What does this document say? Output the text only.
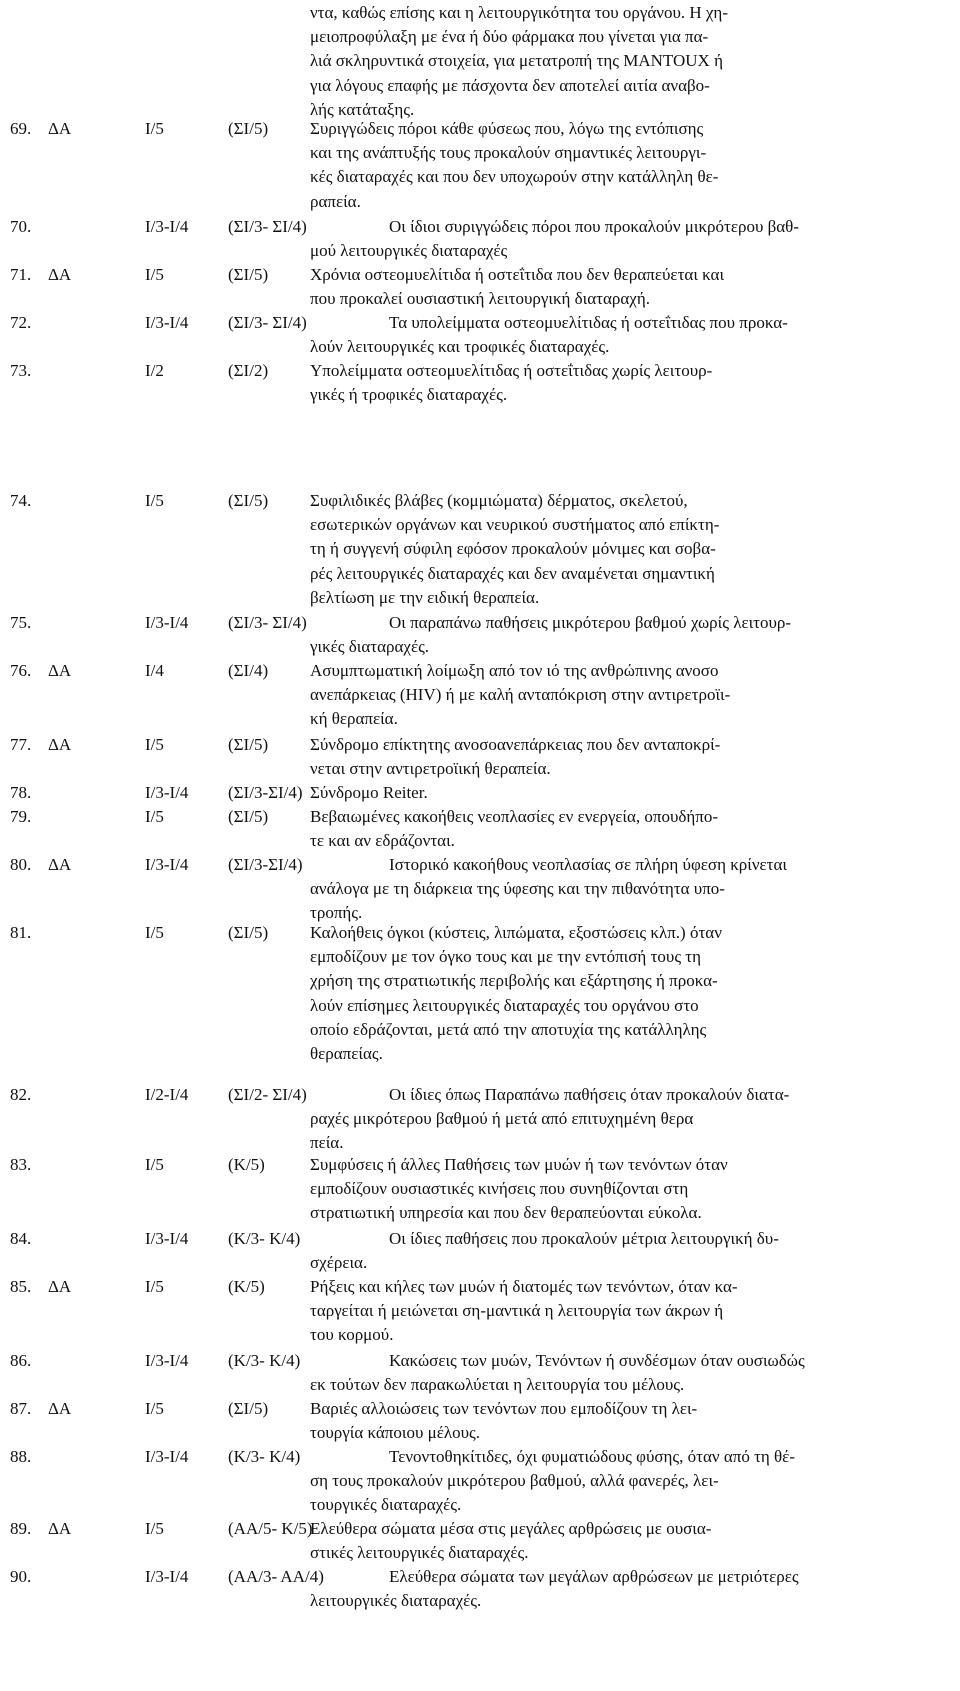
ντα, καθώς επίσης και η λειτουργικότητα του οργάνου. Η χη-
μειοπροφύλαξη με ένα ή δύο φάρμακα που γίνεται για πα-
λιά σκληρυντικά στοιχεία, για μετατροπή της MANTOUX ή
για λόγους επαφής με πάσχοντα δεν αποτελεί αιτία αναβο-
λής κατάταξης.
69. ΔΑ	Ι/5	(ΣΙ/5) Συριγγώδεις πόροι κάθε φύσεως που, λόγω της εντόπισης
και της ανάπτυξής τους προκαλούν σημαντικές λειτουργι-
κές διαταραχές και που δεν υποχωρούν στην κατάλληλη θε-
ραπεία.
70.	Ι/3-Ι/4 (ΣΙ/3- ΣΙ/4)	Οι ίδιοι συριγγώδεις πόροι που προκαλούν μικρότερου βαθ-
μού λειτουργικές διαταραχές
71. ΔΑ	Ι/5	(ΣΙ/5) Χρόνια οστεομυελίτιδα ή οστεΐτιδα που δεν θεραπεύεται και
που προκαλεί ουσιαστική λειτουργική διαταραχή.
72.	Ι/3-Ι/4 (ΣΙ/3- ΣΙ/4)	Τα υπολείμματα οστεομυελίτιδας ή οστεΐτιδας που προκα-
λούν λειτουργικές και τροφικές διαταραχές.
73.	Ι/2	(ΣΙ/2) Υπολείμματα οστεομυελίτιδας ή οστεΐτιδας χωρίς λειτουρ-
γικές ή τροφικές διαταραχές.
74.	Ι/5	(ΣΙ/5) Συφιλιδικές βλάβες (κομμιώματα) δέρματος, σκελετού,
εσωτερικών οργάνων και νευρικού συστήματος από επίκτη-
τη ή συγγενή σύφιλη εφόσον προκαλούν μόνιμες και σοβα-
ρές λειτουργικές διαταραχές και δεν αναμένεται σημαντική
βελτίωση με την ειδική θεραπεία.
75.	Ι/3-Ι/4 (ΣΙ/3- ΣΙ/4)	Οι παραπάνω παθήσεις μικρότερου βαθμού χωρίς λειτουρ-
γικές διαταραχές.
76. ΔΑ	Ι/4	(ΣΙ/4) Ασυμπτωματική λοίμωξη από τον ιό της ανθρώπινης ανοσο
ανεπάρκειας (HIV) ή με καλή ανταπόκριση στην αντιρετροϊι-
κή θεραπεία.
77. ΔΑ	Ι/5	(ΣΙ/5) Σύνδρομο επίκτητης ανοσοανεπάρκειας που δεν ανταποκρί-
νεται στην αντιρετροϊική θεραπεία.
78.	Ι/3-Ι/4 (ΣΙ/3-ΣΙ/4) Σύνδρομο Reiter.
79.	Ι/5	(ΣΙ/5) Βεβαιωμένες κακοήθεις νεοπλασίες εν ενεργεία, οπουδήπο-
τε και αν εδράζονται.
80. ΔΑ	Ι/3-Ι/4 (ΣΙ/3-ΣΙ/4)	Ιστορικό κακοήθους νεοπλασίας σε πλήρη ύφεση κρίνεται
ανάλογα με τη διάρκεια της ύφεσης και την πιθανότητα υπο-
τροπής.
81.	Ι/5	(ΣΙ/5) Καλοήθεις όγκοι (κύστεις, λιπώματα, εξοστώσεις κλπ.) όταν
εμποδίζουν με τον όγκο τους και με την εντόπισή τους τη
χρήση της στρατιωτικής περιβολής και εξάρτησης ή προκα-
λούν επίσημες λειτουργικές διαταραχές του οργάνου στο
οποίο εδράζονται, μετά από την αποτυχία της κατάλληλης
θεραπείας.
82.	Ι/2-Ι/4 (ΣΙ/2- ΣΙ/4)	Οι ίδιες όπως Παραπάνω παθήσεις όταν προκαλούν διατα-
ραχές μικρότερου βαθμού ή μετά από επιτυχημένη θερα
πεία.
83.	Ι/5	(Κ/5)	Συμφύσεις ή άλλες Παθήσεις των μυών ή των τενόντων όταν
εμποδίζουν ουσιαστικές κινήσεις που συνηθίζονται στη
στρατιωτική υπηρεσία και που δεν θεραπεύονται εύκολα.
84.	Ι/3-Ι/4 (Κ/3- Κ/4)	Οι ίδιες παθήσεις που προκαλούν μέτρια λειτουργική δυ-
σχέρεια.
85. ΔΑ	Ι/5	(Κ/5)	Ρήξεις και κήλες των μυών ή διατομές των τενόντων, όταν κα-
ταργείται ή μειώνεται ση-μαντικά η λειτουργία των άκρων ή
του κορμού.
86.	Ι/3-Ι/4 (Κ/3- Κ/4)	Κακώσεις των μυών, Τενόντων ή συνδέσμων όταν ουσιωδώς
εκ τούτων δεν παρακωλύεται η λειτουργία του μέλους.
87. ΔΑ	Ι/5	(ΣΙ/5) Βαριές αλλοιώσεις των τενόντων που εμποδίζουν τη λει-
τουργία κάποιου μέλους.
88.	Ι/3-Ι/4 (Κ/3- Κ/4)	Τενοντοθηκίτιδες, όχι φυματιώδους φύσης, όταν από τη θέ-
ση τους προκαλούν μικρότερου βαθμού, αλλά φανερές, λει-
τουργικές διαταραχές.
89. ΔΑ	Ι/5	(ΑΑ/5- Κ/5)
Ελεύθερα σώματα μέσα στις μεγάλες αρθρώσεις με ουσια-
στικές λειτουργικές διαταραχές.
90.	Ι/3-Ι/4 (ΑΑ/3- ΑΑ/4)	Ελεύθερα σώματα των μεγάλων αρθρώσεων με μετριότερες
λειτουργικές διαταραχές.
